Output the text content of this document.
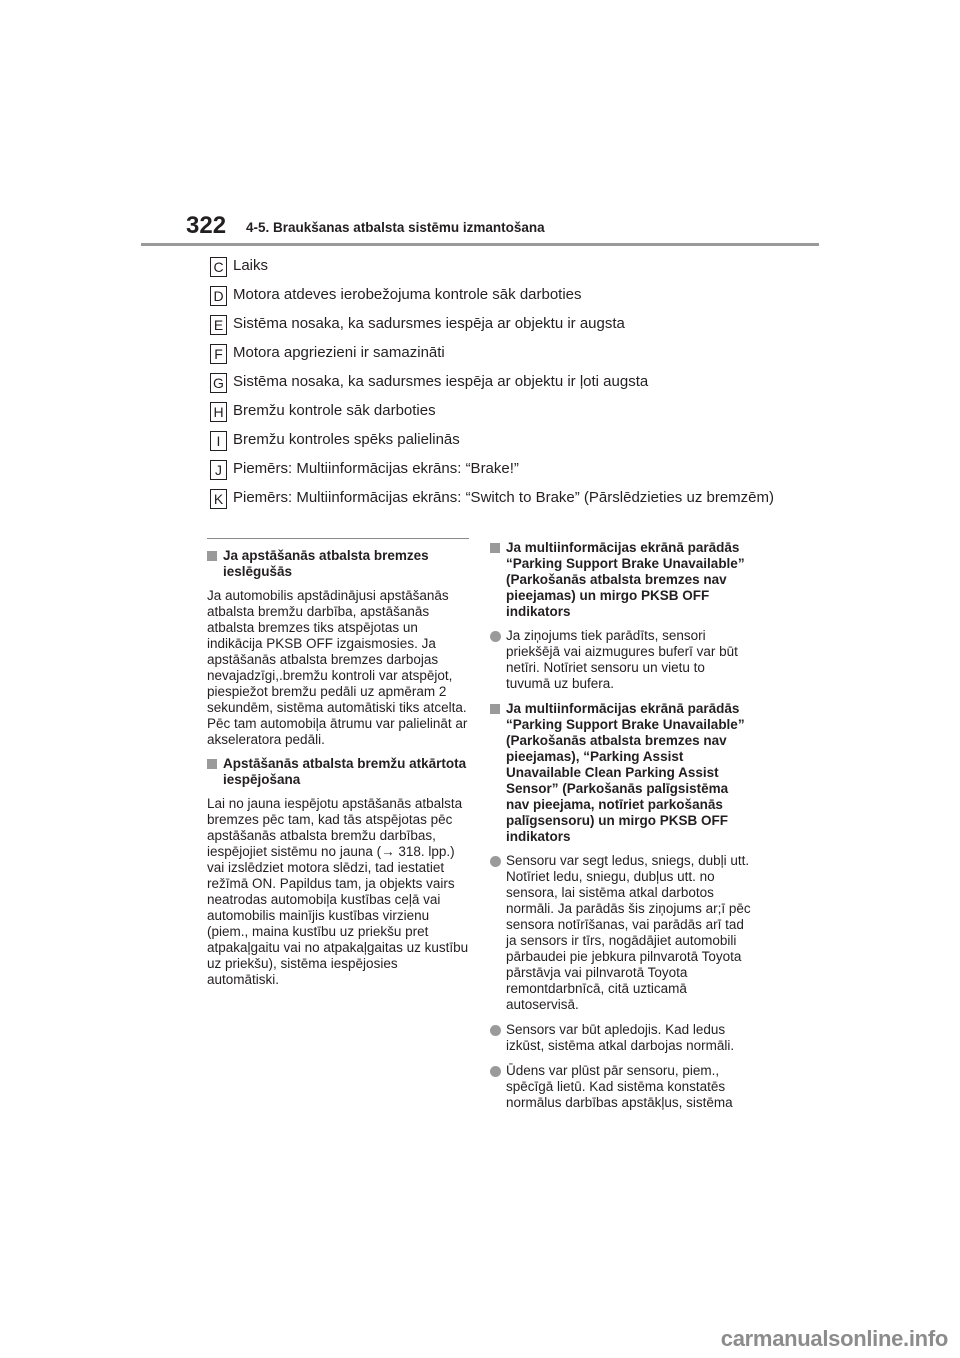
322 4-5. Braukšanas atbalsta sistēmu izmantošana
C Laiks
D Motora atdeves ierobežojuma kontrole sāk darboties
E Sistēma nosaka, ka sadursmes iespēja ar objektu ir augsta
F Motora apgriezieni ir samazināti
G Sistēma nosaka, ka sadursmes iespēja ar objektu ir ļoti augsta
H Bremžu kontrole sāk darboties
I Bremžu kontroles spēks palielinās
J Piemērs: Multiinformācijas ekrāns: “Brake!”
K Piemērs: Multiinformācijas ekrāns: “Switch to Brake” (Pārslēdzieties uz bremzēm)
Ja apstāšanās atbalsta bremzes ieslēgušās
Ja automobilis apstādinājusi apstāšanās atbalsta bremžu darbība, apstāšanās atbalsta bremzes tiks atspējotas un indikācija PKSB OFF izgaismosies. Ja apstāšanās atbalsta bremzes darbojas nevajadzīgi,.bremžu kontroli var atspējot, piespiežot bremžu pedāli uz apmēram 2 sekundēm, sistēma automātiski tiks atcelta. Pēc tam automobiļa ātrumu var palielināt ar akseleratora pedāli.
Apstāšanās atbalsta bremžu atkārtota iespējošana
Lai no jauna iespējotu apstāšanās atbalsta bremzes pēc tam, kad tās atspējotas pēc apstāšanās atbalsta bremžu darbības, iespējojiet sistēmu no jauna (→ 318. lpp.) vai izslēdziet motora slēdzi, tad iestatiet režīmā ON. Papildus tam, ja objekts vairs neatrodas automobiļa kustības ceļā vai automobilis mainījis kustības virzienu (piem., maina kustību uz priekšu pret atpakaļgaitu vai no atpakaļgaitas uz kustību uz priekšu), sistēma iespējosies automātiski.
Ja multiinformācijas ekrānā parādās “Parking Support Brake Unavailable” (Parkošanās atbalsta bremzes nav pieejamas) un mirgo PKSB OFF indikators
Ja ziņojums tiek parādīts, sensori priekšējā vai aizmugures buferī var būt netīri. Notīriet sensoru un vietu to tuvumā uz bufera.
Ja multiinformācijas ekrānā parādās “Parking Support Brake Unavailable” (Parkošanās atbalsta bremzes nav pieejamas), “Parking Assist Unavailable Clean Parking Assist Sensor” (Parkošanās palīgsistēma nav pieejama, notīriet parkošanās palīgsensoru) un mirgo PKSB OFF indikators
Sensoru var segt ledus, sniegs, dubļi utt. Notīriet ledu, sniegu, dubļus utt. no sensora, lai sistēma atkal darbotos normāli. Ja parādās šis ziņojums ar;ī pēc sensora notīrīšanas, vai parādās arī tad ja sensors ir tīrs, nogādājiet automobili pārbaudei pie jebkura pilnvarotā Toyota pārstāvja vai pilnvarotā Toyota remontdarbnīcā, citā uzticamā autoservisā.
Sensors var būt apledojis. Kad ledus izkūst, sistēma atkal darbojas normāli.
Ūdens var plūst pār sensoru, piem., spēcīgā lietū. Kad sistēma konstatēs normālus darbības apstākļus, sistēma
carmanualsonline.info
